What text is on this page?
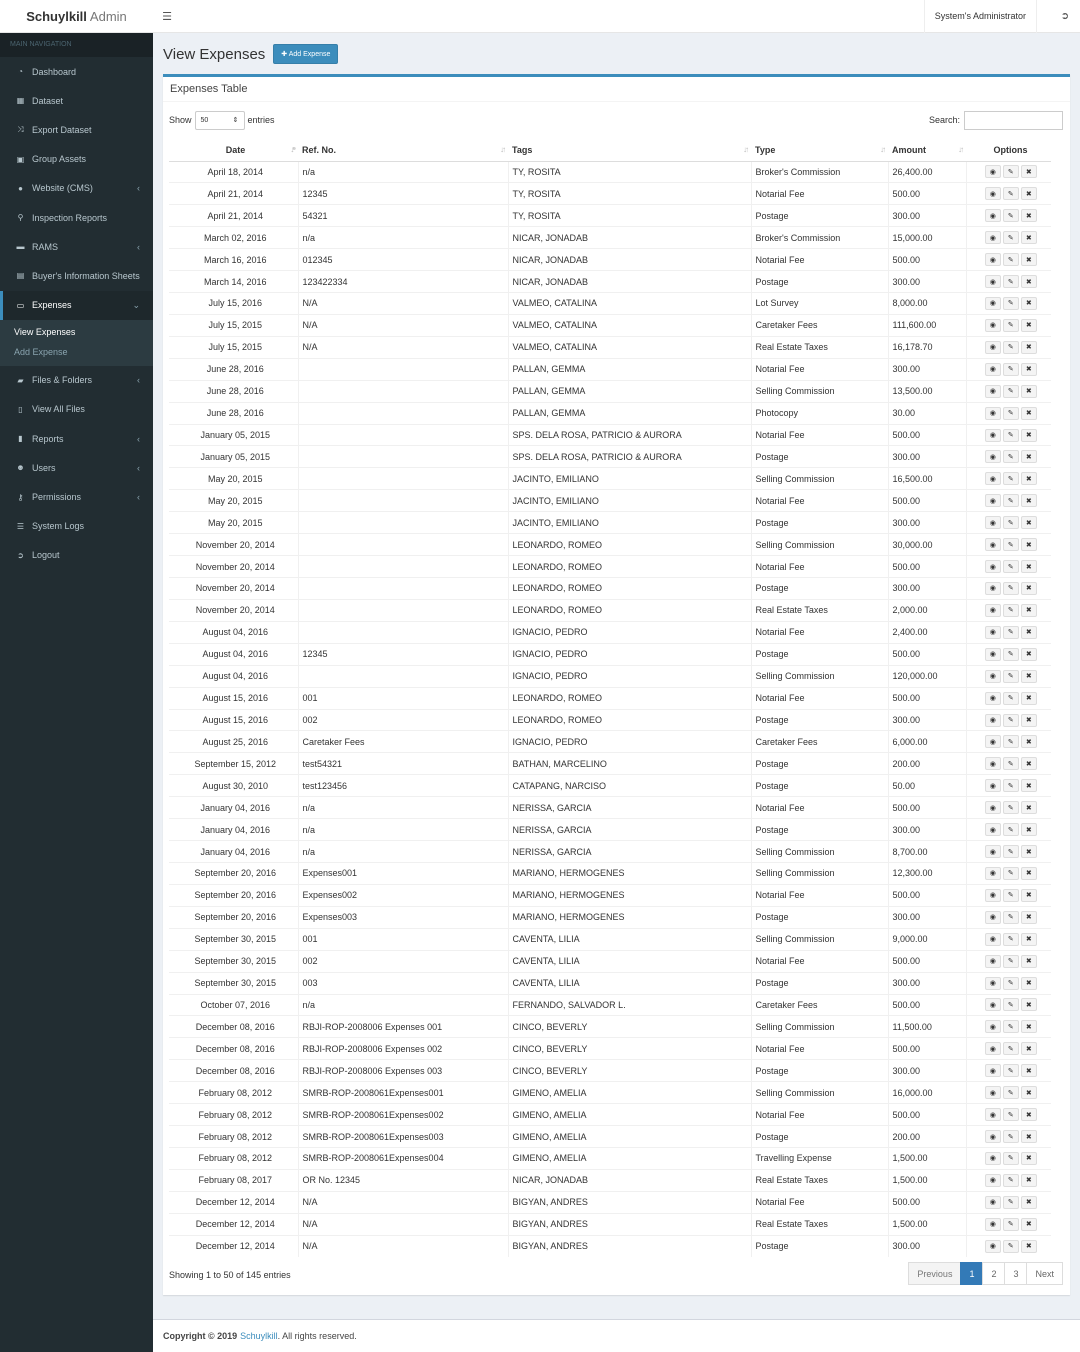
Schuylkill Admin	☰	System's Administrator	➲
MAIN NAVIGATION
◔	Dashboard
▦ Dataset
⤨ Export Dataset
▣ Group Assets
●	Website (CMS)	‹
⚲ Inspection Reports
▬ RAMS	‹
▤ Buyer's Information Sheets
▭ Expenses	⌄
View Expenses
Add Expense
▰ Files & Folders	‹
▯	View All Files
▮	Reports	‹
☻ Users	‹
⚷ Permissions	‹
☰ System Logs
➲ Logout
View Expenses	✚ Add Expense
Expenses Table
Show 50	⇕ entries	Search:
Date ↓⁹	Ref. No. ↓↑	Tags ↓↑	Type ↓↑	Amount ↓↑	Options
April 18, 2014	n/a	TY, ROSITA	Broker's Commission	26,400.00	◉ ✎ ✖

April 21, 2014	12345	TY, ROSITA	Notarial Fee	500.00	◉ ✎ ✖

April 21, 2014	54321	TY, ROSITA	Postage	300.00	◉ ✎ ✖

March 02, 2016	n/a	NICAR, JONADAB	Broker's Commission	15,000.00	◉ ✎ ✖

March 16, 2016	012345	NICAR, JONADAB	Notarial Fee	500.00	◉ ✎ ✖

March 14, 2016	123422334	NICAR, JONADAB	Postage	300.00	◉ ✎ ✖

July 15, 2016	N/A	VALMEO, CATALINA	Lot Survey	8,000.00	◉ ✎ ✖

July 15, 2015	N/A	VALMEO, CATALINA	Caretaker Fees	111,600.00	◉ ✎ ✖

July 15, 2015	N/A	VALMEO, CATALINA	Real Estate Taxes	16,178.70	◉ ✎ ✖

June 28, 2016		PALLAN, GEMMA	Notarial Fee	300.00	◉ ✎ ✖

June 28, 2016		PALLAN, GEMMA	Selling Commission	13,500.00	◉ ✎ ✖

June 28, 2016		PALLAN, GEMMA	Photocopy	30.00	◉ ✎ ✖

January 05, 2015		SPS. DELA ROSA, PATRICIO & AURORA	Notarial Fee	500.00	◉ ✎ ✖

January 05, 2015		SPS. DELA ROSA, PATRICIO & AURORA	Postage	300.00	◉ ✎ ✖

May 20, 2015		JACINTO, EMILIANO	Selling Commission	16,500.00	◉ ✎ ✖

May 20, 2015		JACINTO, EMILIANO	Notarial Fee	500.00	◉ ✎ ✖

May 20, 2015		JACINTO, EMILIANO	Postage	300.00	◉ ✎ ✖

November 20, 2014		LEONARDO, ROMEO	Selling Commission	30,000.00	◉ ✎ ✖

November 20, 2014		LEONARDO, ROMEO	Notarial Fee	500.00	◉ ✎ ✖

November 20, 2014		LEONARDO, ROMEO	Postage	300.00	◉ ✎ ✖

November 20, 2014		LEONARDO, ROMEO	Real Estate Taxes	2,000.00	◉ ✎ ✖

August 04, 2016		IGNACIO, PEDRO	Notarial Fee	2,400.00	◉ ✎ ✖

August 04, 2016	12345	IGNACIO, PEDRO	Postage	500.00	◉ ✎ ✖

August 04, 2016		IGNACIO, PEDRO	Selling Commission	120,000.00	◉ ✎ ✖

August 15, 2016	001	LEONARDO, ROMEO	Notarial Fee	500.00	◉ ✎ ✖

August 15, 2016	002	LEONARDO, ROMEO	Postage	300.00	◉ ✎ ✖

August 25, 2016	Caretaker Fees	IGNACIO, PEDRO	Caretaker Fees	6,000.00	◉ ✎ ✖

September 15, 2012	test54321	BATHAN, MARCELINO	Postage	200.00	◉ ✎ ✖

August 30, 2010	test123456	CATAPANG, NARCISO	Postage	50.00	◉ ✎ ✖

January 04, 2016	n/a	NERISSA, GARCIA	Notarial Fee	500.00	◉ ✎ ✖

January 04, 2016	n/a	NERISSA, GARCIA	Postage	300.00	◉ ✎ ✖

January 04, 2016	n/a	NERISSA, GARCIA	Selling Commission	8,700.00	◉ ✎ ✖

September 20, 2016	Expenses001	MARIANO, HERMOGENES	Selling Commission	12,300.00	◉ ✎ ✖

September 20, 2016	Expenses002	MARIANO, HERMOGENES	Notarial Fee	500.00	◉ ✎ ✖

September 20, 2016	Expenses003	MARIANO, HERMOGENES	Postage	300.00	◉ ✎ ✖

September 30, 2015	001	CAVENTA, LILIA	Selling Commission	9,000.00	◉ ✎ ✖

September 30, 2015	002	CAVENTA, LILIA	Notarial Fee	500.00	◉ ✎ ✖

September 30, 2015	003	CAVENTA, LILIA	Postage	300.00	◉ ✎ ✖

October 07, 2016	n/a	FERNANDO, SALVADOR L.	Caretaker Fees	500.00	◉ ✎ ✖

December 08, 2016	RBJI-ROP-2008006 Expenses 001	CINCO, BEVERLY	Selling Commission	11,500.00	◉ ✎ ✖

December 08, 2016	RBJI-ROP-2008006 Expenses 002	CINCO, BEVERLY	Notarial Fee	500.00	◉ ✎ ✖

December 08, 2016	RBJI-ROP-2008006 Expenses 003	CINCO, BEVERLY	Postage	300.00	◉ ✎ ✖

February 08, 2012	SMRB-ROP-2008061Expenses001	GIMENO, AMELIA	Selling Commission	16,000.00	◉ ✎ ✖

February 08, 2012	SMRB-ROP-2008061Expenses002	GIMENO, AMELIA	Notarial Fee	500.00	◉ ✎ ✖

February 08, 2012	SMRB-ROP-2008061Expenses003	GIMENO, AMELIA	Postage	200.00	◉ ✎ ✖

February 08, 2012	SMRB-ROP-2008061Expenses004	GIMENO, AMELIA	Travelling Expense	1,500.00	◉ ✎ ✖

February 08, 2017	OR No. 12345	NICAR, JONADAB	Real Estate Taxes	1,500.00	◉ ✎ ✖

December 12, 2014	N/A	BIGYAN, ANDRES	Notarial Fee	500.00	◉ ✎ ✖

December 12, 2014	N/A	BIGYAN, ANDRES	Real Estate Taxes	1,500.00	◉ ✎ ✖

December 12, 2014	N/A	BIGYAN, ANDRES	Postage	300.00	◉ ✎ ✖
Showing 1 to 50 of 145 entries	Previous	1	2	3	Next
Copyright © 2019 Schuylkill . All rights reserved.
